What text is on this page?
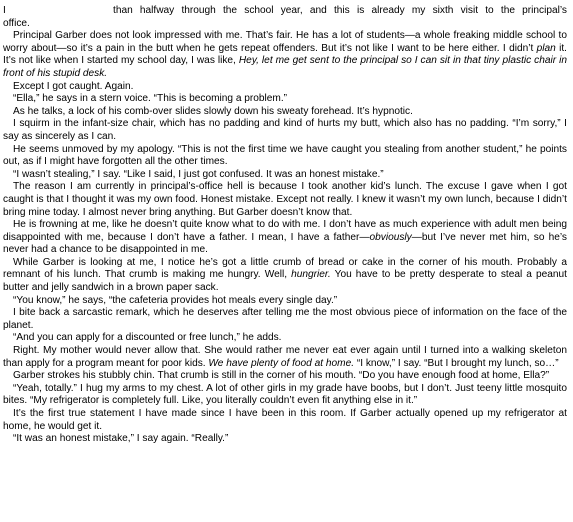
I	than halfway through the school year, and this is already my sixth visit to the principal’s

office.

Principal Garber does not look impressed with me. That’s fair. He has a lot of students—a whole freaking middle school to worry about—so it’s a pain in the butt when he gets repeat offenders. But it’s not like I want to be here either. I didn’t plan it. It’s not like when I started my school day, I was like, Hey, let me get sent to the principal so I can sit in that tiny plastic chair in front of his stupid desk.

Except I got caught. Again.

“Ella,” he says in a stern voice. “This is becoming a problem.”

As he talks, a lock of his comb-over slides slowly down his sweaty forehead. It’s hypnotic.

I squirm in the infant-size chair, which has no padding and kind of hurts my butt, which also has no padding. “I’m sorry,” I say as sincerely as I can.

He seems unmoved by my apology. “This is not the first time we have caught you stealing from another student,” he points out, as if I might have forgotten all the other times.

“I wasn’t stealing,” I say. “Like I said, I just got confused. It was an honest mistake.”

The reason I am currently in principal’s-office hell is because I took another kid’s lunch. The excuse I gave when I got caught is that I thought it was my own food. Honest mistake. Except not really. I knew it wasn’t my own lunch, because I didn’t bring mine today. I almost never bring anything. But Garber doesn’t know that.

He is frowning at me, like he doesn’t quite know what to do with me. I don’t have as much experience with adult men being disappointed with me, because I don’t have a father. I mean, I have a father—obviously—but I’ve never met him, so he’s never had a chance to be disappointed in me.

While Garber is looking at me, I notice he’s got a little crumb of bread or cake in the corner of his mouth. Probably a remnant of his lunch. That crumb is making me hungry. Well, hungrier. You have to be pretty desperate to steal a peanut butter and jelly sandwich in a brown paper sack.

“You know,” he says, “the cafeteria provides hot meals every single day.”

I bite back a sarcastic remark, which he deserves after telling me the most obvious piece of information on the face of the planet.

“And you can apply for a discounted or free lunch,” he adds.

Right. My mother would never allow that. She would rather me never eat ever again until I turned into a walking skeleton than apply for a program meant for poor kids. We have plenty of food at home. “I know,” I say. “But I brought my lunch, so…”

Garber strokes his stubbly chin. That crumb is still in the corner of his mouth. “Do you have enough food at home, Ella?”

“Yeah, totally.” I hug my arms to my chest. A lot of other girls in my grade have boobs, but I don’t. Just teeny little mosquito bites. “My refrigerator is completely full. Like, you literally couldn’t even fit anything else in it.”

It’s the first true statement I have made since I have been in this room. If Garber actually opened up my refrigerator at home, he would get it.

“It was an honest mistake,” I say again. “Really.”
